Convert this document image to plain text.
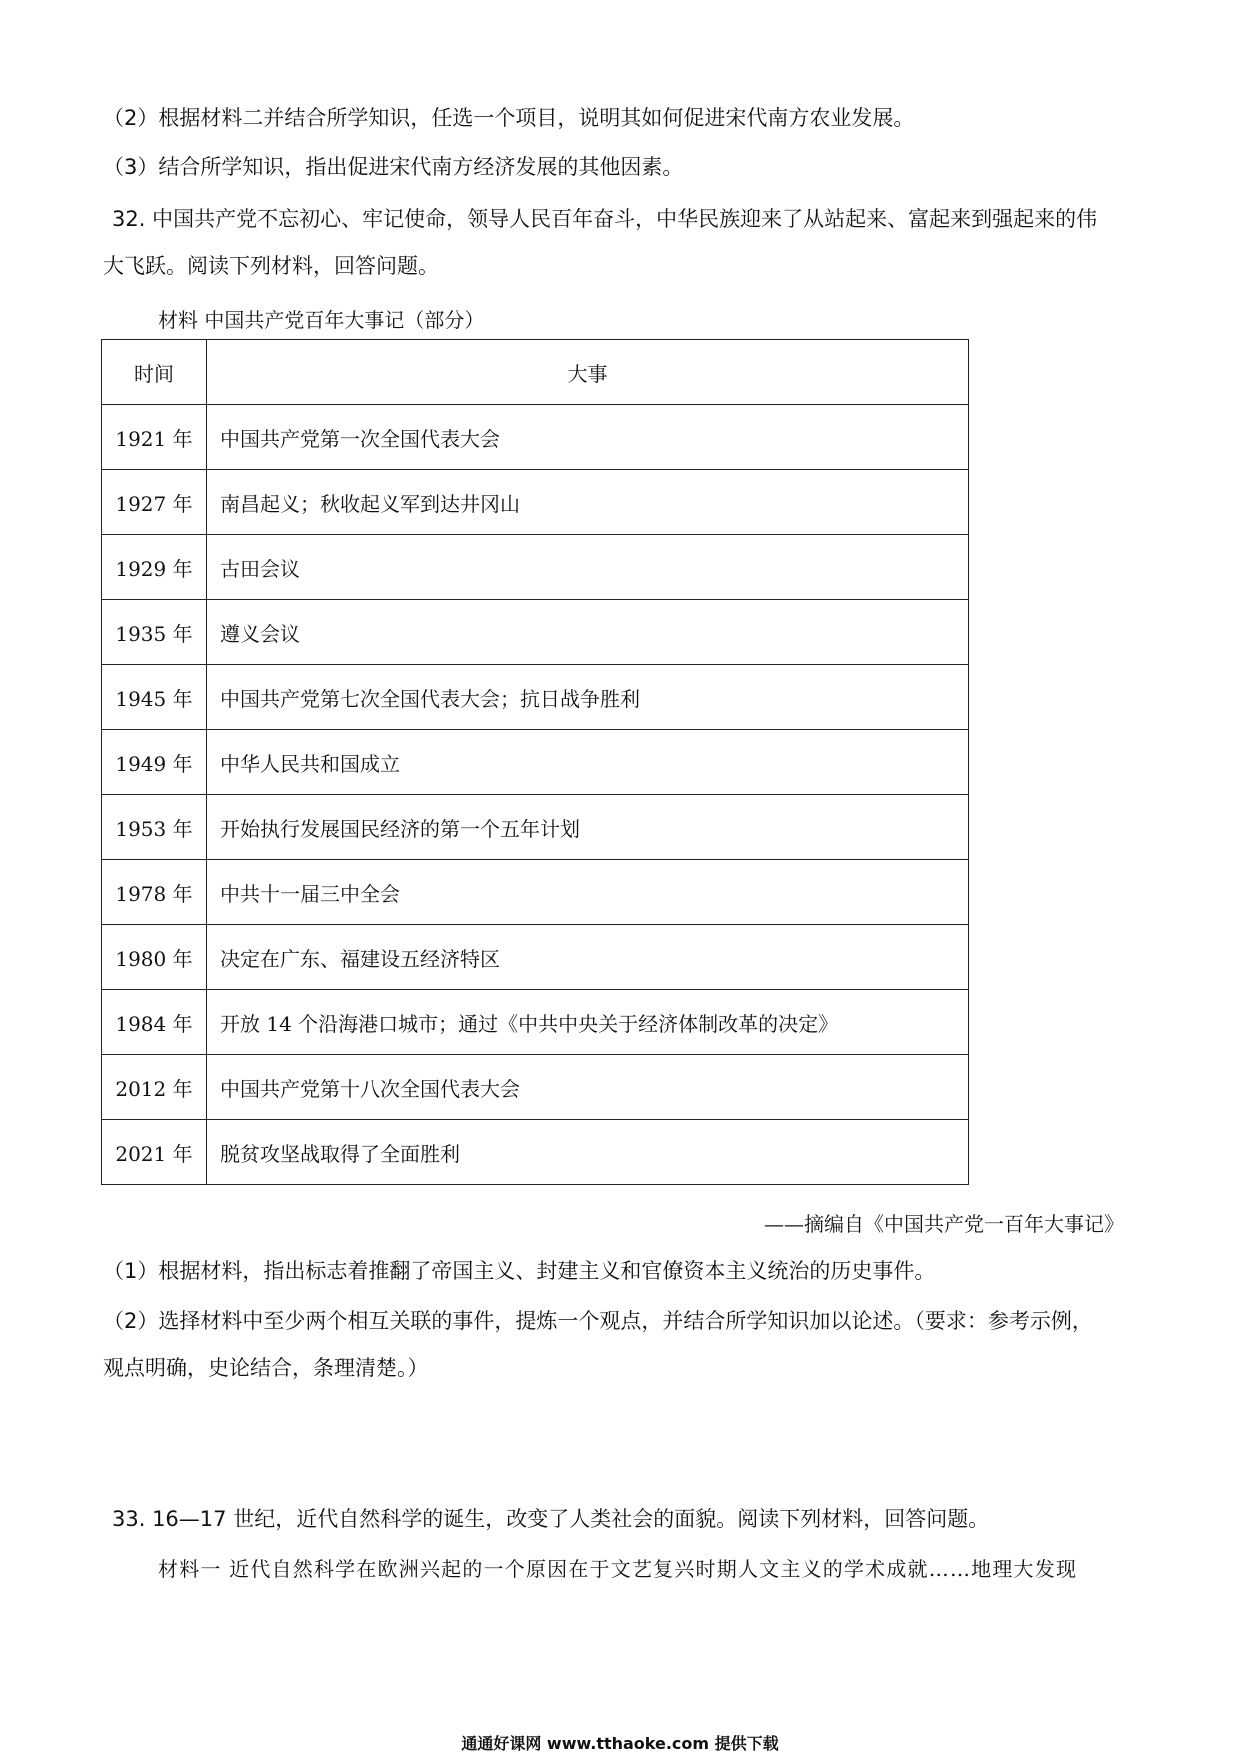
（2）根据材料二并结合所学知识，任选一个项目，说明其如何促进宋代南方农业发展。
（3）结合所学知识，指出促进宋代南方经济发展的其他因素。
32. 中国共产党不忘初心、牢记使命，领导人民百年奋斗，中华民族迎来了从站起来、富起来到强起来的伟
大飞跃。阅读下列材料，回答问题。
材料 中国共产党百年大事记（部分）
时间	大事
1921 年	中国共产党第一次全国代表大会
1927 年	南昌起义；秋收起义军到达井冈山
1929 年	古田会议
1935 年	遵义会议
1945 年	中国共产党第七次全国代表大会；抗日战争胜利
1949 年	中华人民共和国成立
1953 年	开始执行发展国民经济的第一个五年计划
1978 年	中共十一届三中全会
1980 年	决定在广东、福建设五经济特区
1984 年	开放 14 个沿海港口城市；通过《中共中央关于经济体制改革的决定》
2012 年	中国共产党第十八次全国代表大会
2021 年	脱贫攻坚战取得了全面胜利
——摘编自《中国共产党一百年大事记》
（1）根据材料，指出标志着推翻了帝国主义、封建主义和官僚资本主义统治的历史事件。
（2）选择材料中至少两个相互关联的事件，提炼一个观点，并结合所学知识加以论述。（要求：参考示例，
观点明确，史论结合，条理清楚。）
33. 16—17 世纪，近代自然科学的诞生，改变了人类社会的面貌。阅读下列材料，回答问题。
材料一 近代自然科学在欧洲兴起的一个原因在于文艺复兴时期人文主义的学术成就……地理大发现
通通好课网 www.tthaoke.com 提供下载
